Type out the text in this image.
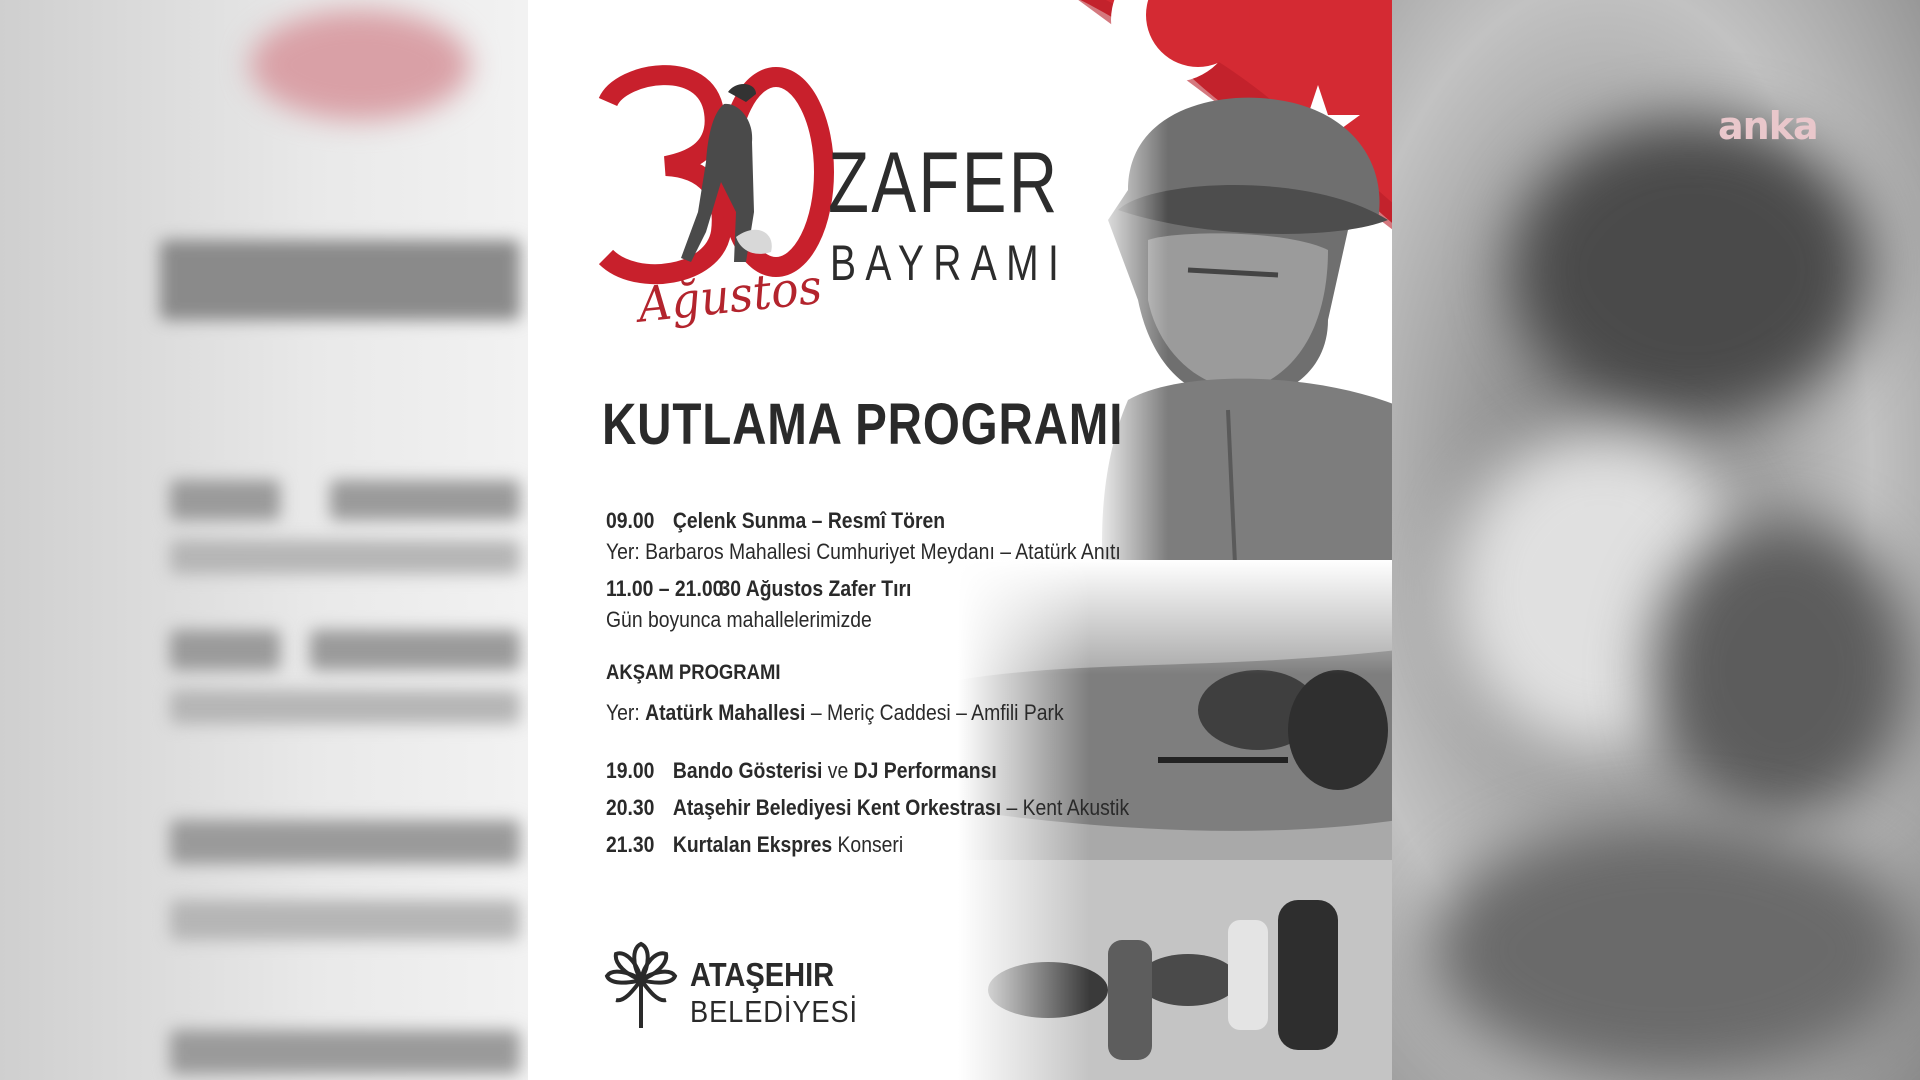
anka
Ağustos
ZAFER
BAYRAMI
KUTLAMA PROGRAMI
09.00 Çelenk Sunma – Resmî Tören
Yer: Barbaros Mahallesi Cumhuriyet Meydanı – Atatürk Anıtı
11.00 – 21.0030 Ağustos Zafer Tırı
Gün boyunca mahallelerimizde
AKŞAM PROGRAMI
Yer: Atatürk Mahallesi – Meriç Caddesi – Amfili Park
19.00 Bando Gösterisi ve DJ Performansı
20.30 Ataşehir Belediyesi Kent Orkestrası – Kent Akustik
21.30 Kurtalan Ekspres Konseri
ATAŞEHIR
BELEDİYESİ
